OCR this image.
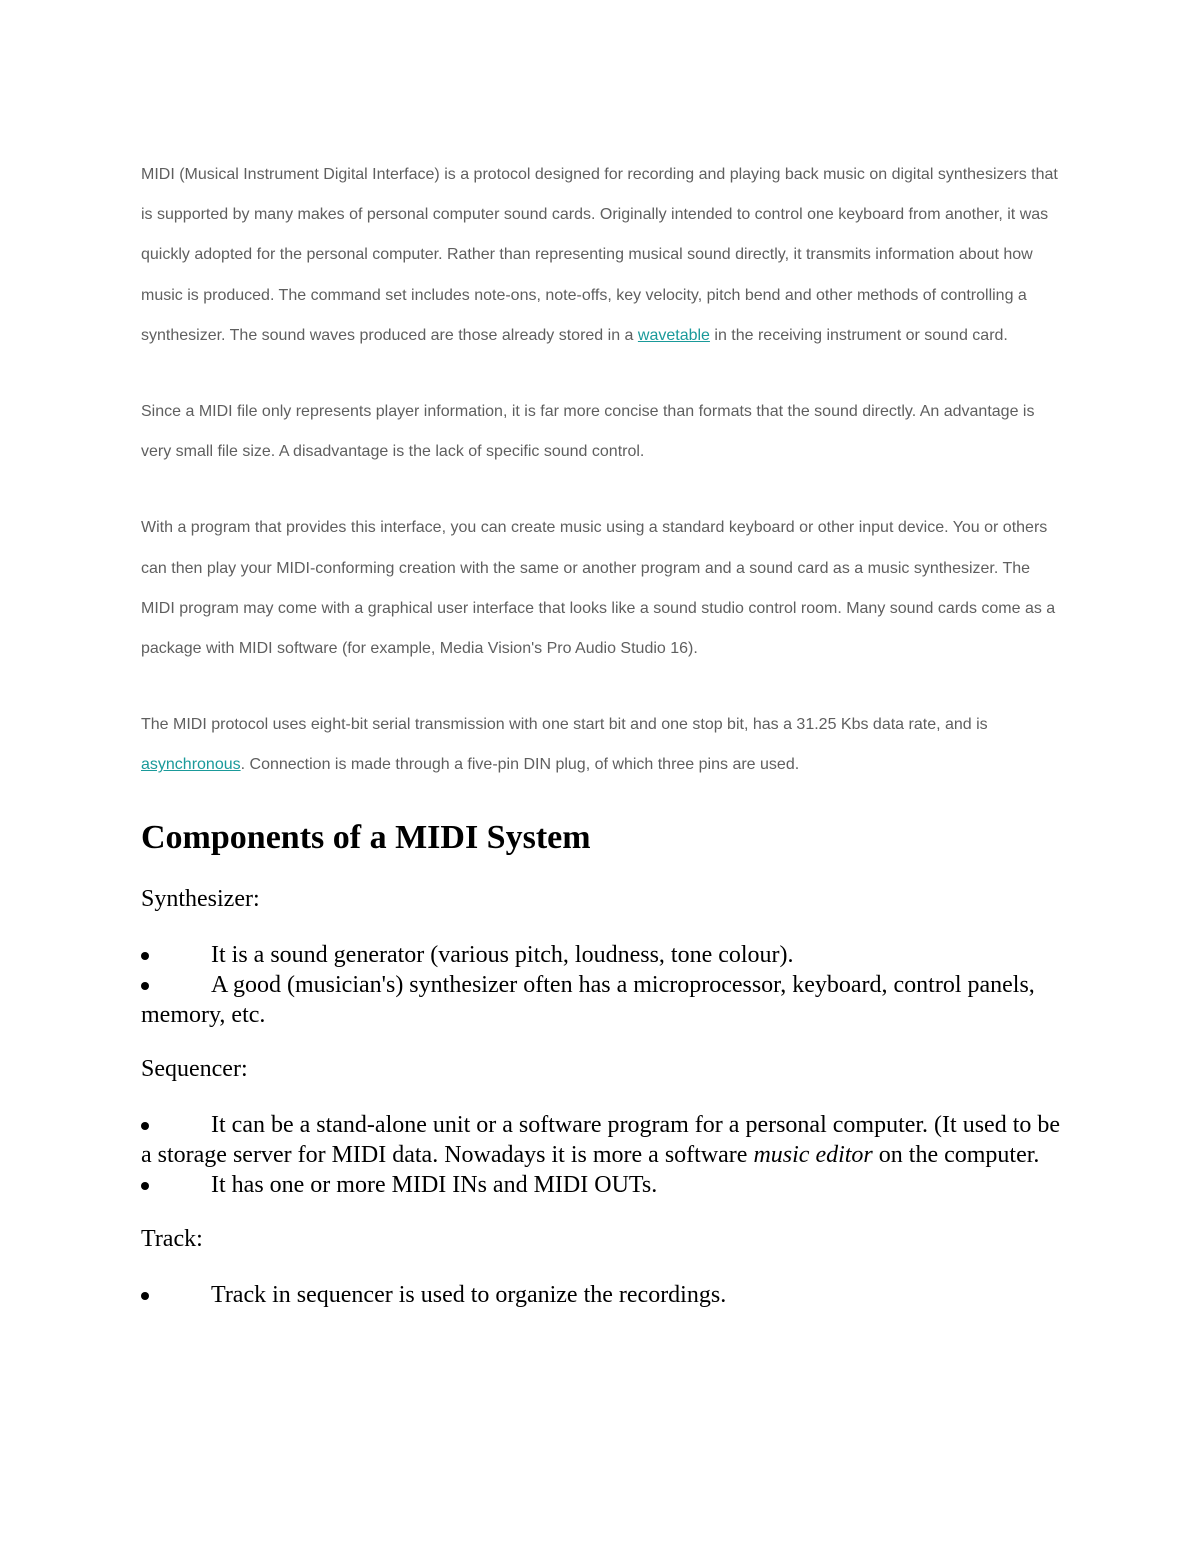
MIDI (Musical Instrument Digital Interface) is a protocol designed for recording and playing back music on digital synthesizers that is supported by many makes of personal computer sound cards. Originally intended to control one keyboard from another, it was quickly adopted for the personal computer. Rather than representing musical sound directly, it transmits information about how music is produced. The command set includes note-ons, note-offs, key velocity, pitch bend and other methods of controlling a synthesizer. The sound waves produced are those already stored in a wavetable in the receiving instrument or sound card.

Since a MIDI file only represents player information, it is far more concise than formats that the sound directly. An advantage is very small file size. A disadvantage is the lack of specific sound control.

With a program that provides this interface, you can create music using a standard keyboard or other input device. You or others can then play your MIDI-conforming creation with the same or another program and a sound card as a music synthesizer. The MIDI program may come with a graphical user interface that looks like a sound studio control room. Many sound cards come as a package with MIDI software (for example, Media Vision's Pro Audio Studio 16).

The MIDI protocol uses eight-bit serial transmission with one start bit and one stop bit, has a 31.25 Kbs data rate, and is asynchronous. Connection is made through a five-pin DIN plug, of which three pins are used.

Components of a MIDI System
Synthesizer:
It is a sound generator (various pitch, loudness, tone colour).
A good (musician's) synthesizer often has a microprocessor, keyboard, control panels, memory, etc.
Sequencer:
It can be a stand-alone unit or a software program for a personal computer. (It used to be a storage server for MIDI data. Nowadays it is more a software music editor on the computer.
It has one or more MIDI INs and MIDI OUTs.
Track:
Track in sequencer is used to organize the recordings.
